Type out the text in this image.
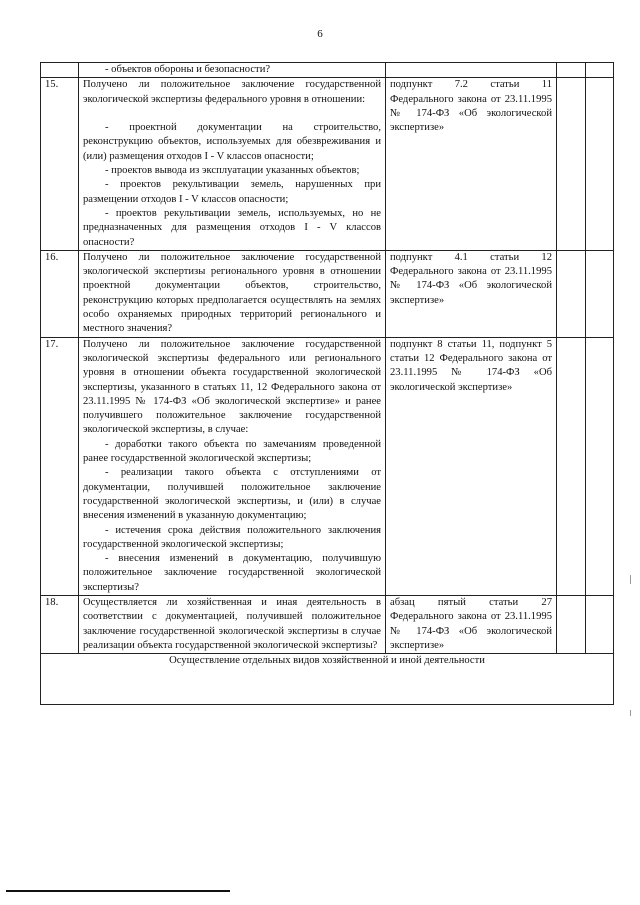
6

	- объектов обороны и безопасности?			

15.	Получено ли положительное заключение государственной экологической экспертизы федерального уровня в отношении:

- проектной документации на строительство, реконструкцию объектов, используемых для обезвреживания и (или) размещения отходов I - V классов опасности;

- проектов вывода из эксплуатации указанных объектов;

- проектов рекультивации земель, нарушенных при размещении отходов I - V классов опасности;

- проектов рекультивации земель, используемых, но не предназначенных для размещения отходов I - V классов опасности?	подпункт 7.2 статьи 11 Федерального закона от 23.11.1995 № 174-ФЗ «Об экологической экспертизе»		

16.	Получено ли положительное заключение государственной экологической экспертизы регионального уровня в отношении проектной документации объектов, строительство, реконструкцию которых предполагается осуществлять на землях особо охраняемых природных территорий регионального и местного значения?	подпункт 4.1 статьи 12 Федерального закона от 23.11.1995 № 174-ФЗ «Об экологической экспертизе»		

17.	Получено ли положительное заключение государственной экологической экспертизы федерального или регионального уровня в отношении объекта государственной экологической экспертизы, указанного в статьях 11, 12 Федерального закона от 23.11.1995 № 174-ФЗ «Об экологической экспертизе» и ранее получившего положительное заключение государственной экологической экспертизы, в случае:

- доработки такого объекта по замечаниям проведенной ранее государственной экологической экспертизы;

- реализации такого объекта с отступлениями от документации, получившей положительное заключение государственной экологической экспертизы, и (или) в случае внесения изменений в указанную документацию;

- истечения срока действия положительного заключения государственной экологической экспертизы;

- внесения изменений в документацию, получившую положительное заключение государственной экологической экспертизы?	подпункт 8 статьи 11, подпункт 5 статьи 12 Федерального закона от 23.11.1995 № 174-ФЗ «Об экологической экспертизе»		

18.	Осуществляется ли хозяйственная и иная деятельность в соответствии с документацией, получившей положительное заключение государственной экологической экспертизы в случае реализации объекта государственной экологической экспертизы?	абзац пятый статьи 27 Федерального закона от 23.11.1995 № 174-ФЗ «Об экологической экспертизе»		

Осуществление отдельных видов хозяйственной и иной деятельности				
